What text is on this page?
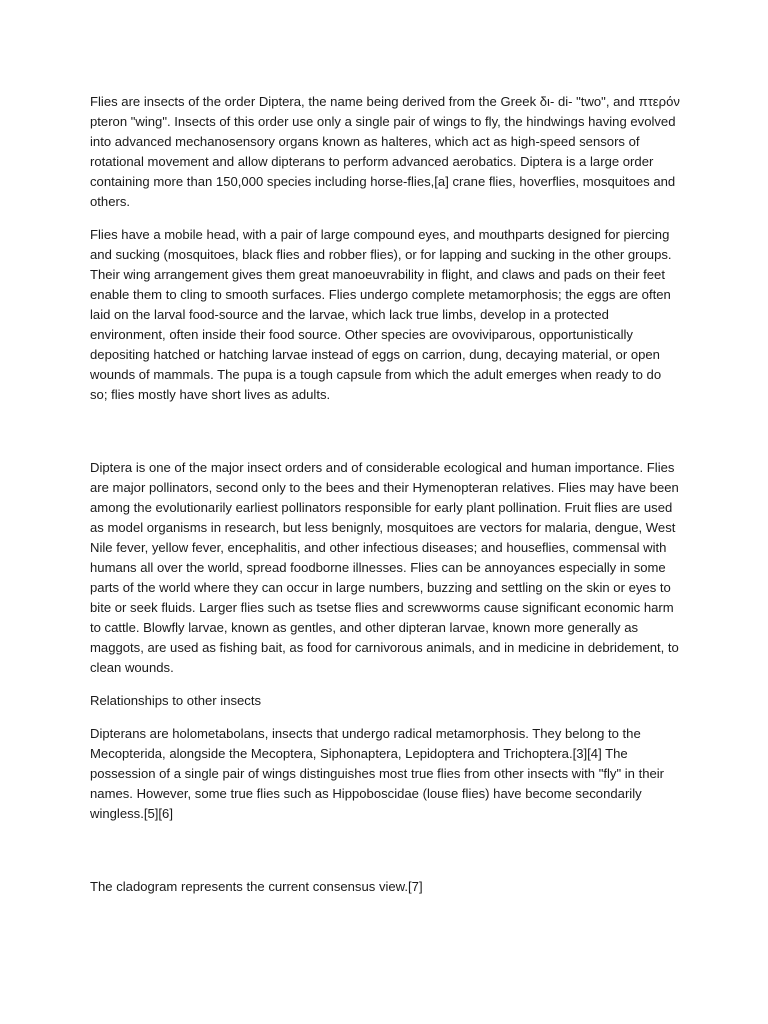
Flies are insects of the order Diptera, the name being derived from the Greek δι- di- "two", and πτερόν pteron "wing". Insects of this order use only a single pair of wings to fly, the hindwings having evolved into advanced mechanosensory organs known as halteres, which act as high-speed sensors of rotational movement and allow dipterans to perform advanced aerobatics. Diptera is a large order containing more than 150,000 species including horse-flies,[a] crane flies, hoverflies, mosquitoes and others.

Flies have a mobile head, with a pair of large compound eyes, and mouthparts designed for piercing and sucking (mosquitoes, black flies and robber flies), or for lapping and sucking in the other groups. Their wing arrangement gives them great manoeuvrability in flight, and claws and pads on their feet enable them to cling to smooth surfaces. Flies undergo complete metamorphosis; the eggs are often laid on the larval food-source and the larvae, which lack true limbs, develop in a protected environment, often inside their food source. Other species are ovoviviparous, opportunistically depositing hatched or hatching larvae instead of eggs on carrion, dung, decaying material, or open wounds of mammals. The pupa is a tough capsule from which the adult emerges when ready to do so; flies mostly have short lives as adults.

Diptera is one of the major insect orders and of considerable ecological and human importance. Flies are major pollinators, second only to the bees and their Hymenopteran relatives. Flies may have been among the evolutionarily earliest pollinators responsible for early plant pollination. Fruit flies are used as model organisms in research, but less benignly, mosquitoes are vectors for malaria, dengue, West Nile fever, yellow fever, encephalitis, and other infectious diseases; and houseflies, commensal with humans all over the world, spread foodborne illnesses. Flies can be annoyances especially in some parts of the world where they can occur in large numbers, buzzing and settling on the skin or eyes to bite or seek fluids. Larger flies such as tsetse flies and screwworms cause significant economic harm to cattle. Blowfly larvae, known as gentles, and other dipteran larvae, known more generally as maggots, are used as fishing bait, as food for carnivorous animals, and in medicine in debridement, to clean wounds.

Relationships to other insects

Dipterans are holometabolans, insects that undergo radical metamorphosis. They belong to the Mecopterida, alongside the Mecoptera, Siphonaptera, Lepidoptera and Trichoptera.[3][4] The possession of a single pair of wings distinguishes most true flies from other insects with "fly" in their names. However, some true flies such as Hippoboscidae (louse flies) have become secondarily wingless.[5][6]

The cladogram represents the current consensus view.[7]
